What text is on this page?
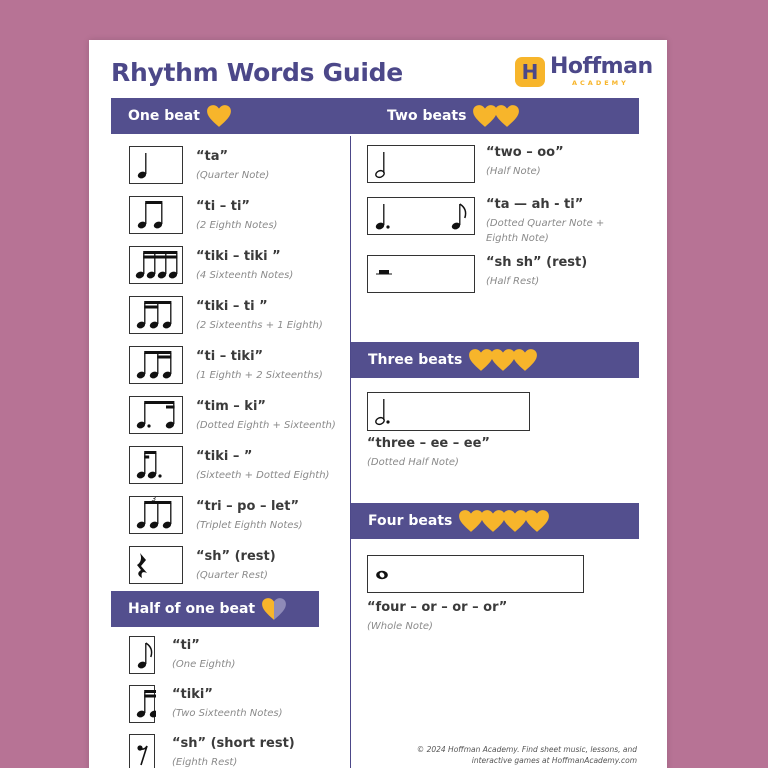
Rhythm Words Guide	H Hoffman
ACADEMY
One beat	Two beats
Three beats
Four beats
Half of one beat
“ta”
(Quarter Note)
“ti – ti”
(2 Eighth Notes)
“tiki – tiki ”
(4 Sixteenth Notes)
“tiki – ti ”
(2 Sixteenths + 1 Eighth)
“ti – tiki”
(1 Eighth + 2 Sixteenths)
“tim – ki”
(Dotted Eighth + Sixteenth)
“tiki – ”
(Sixteeth + Dotted Eighth)
3	“tri – po – let”
(Triplet Eighth Notes)
“sh” (rest)
(Quarter Rest)
“ti”
(One Eighth)
“tiki”
(Two Sixteenth Notes)
“sh” (short rest)
(Eighth Rest)
“two – oo”
(Half Note)
“ta — ah - ti”
(Dotted Quarter Note +
Eighth Note)
“sh sh” (rest)
(Half Rest)
“three – ee – ee”
(Dotted Half Note)
“four – or – or – or”
(Whole Note)
© 2024 Hoffman Academy. Find sheet music, lessons, and
interactive games at HoffmanAcademy.com
